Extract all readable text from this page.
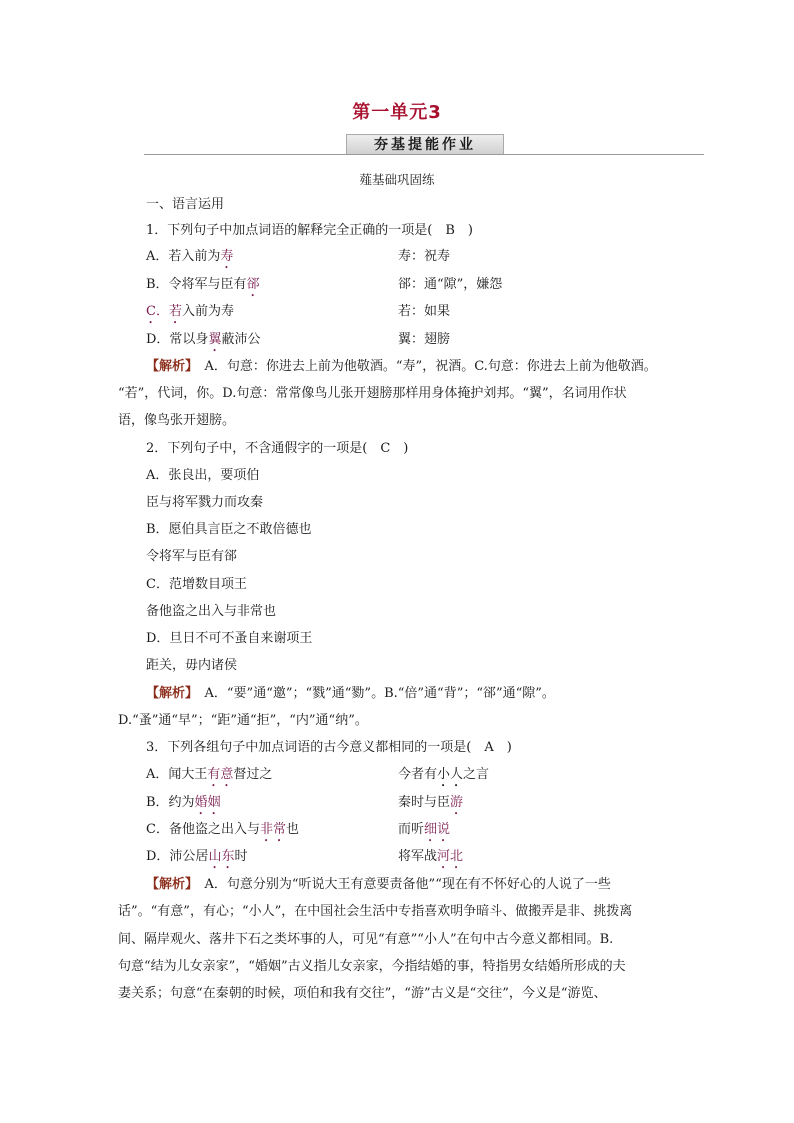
第一单元3
夯基提能作业
薤基础巩固练
一、语言运用
1．下列句子中加点词语的解释完全正确的一项是(　B　)
A．若入前为寿	寿：祝寿
B．令将军与臣有郤	郤：通“隙”，嫌怨
C．若入前为寿	若：如果
D．常以身翼蔽沛公	翼：翅膀
【解析】　A．句意：你进去上前为他敬酒。“寿”，祝酒。C.句意：你进去上前为他敬酒。
“若”，代词，你。D.句意：常常像鸟儿张开翅膀那样用身体掩护刘邦。“翼”，名词用作状
语，像鸟张开翅膀。
2．下列句子中，不含通假字的一项是(　C　)
A．张良出，要项伯
臣与将军戮力而攻秦
B．愿伯具言臣之不敢倍德也
令将军与臣有郤
C．范增数目项王
备他盗之出入与非常也
D．旦日不可不蚤自来谢项王
距关，毋内诸侯
【解析】　A．“要”通“邀”；“戮”通“勠”。B.“倍”通“背”；“郤”通“隙”。
D.“蚤”通“早”；“距”通“拒”，“内”通“纳”。
3．下列各组句子中加点词语的古今意义都相同的一项是(　A　)
A．闻大王有意督过之	今者有小人之言
B．约为婚姻	秦时与臣游
C．备他盗之出入与非常也	而听细说
D．沛公居山东时	将军战河北
【解析】　A．句意分别为“听说大王有意要责备他”“现在有不怀好心的人说了一些
话”。“有意”，有心；“小人”，在中国社会生活中专指喜欢明争暗斗、做搬弄是非、挑拨离
间、隔岸观火、落井下石之类坏事的人，可见“有意”“小人”在句中古今意义都相同。B.
句意“结为儿女亲家”，“婚姻”古义指儿女亲家，今指结婚的事，特指男女结婚所形成的夫
妻关系；句意“在秦朝的时候，项伯和我有交往”，“游”古义是“交往”，今义是“游览、
